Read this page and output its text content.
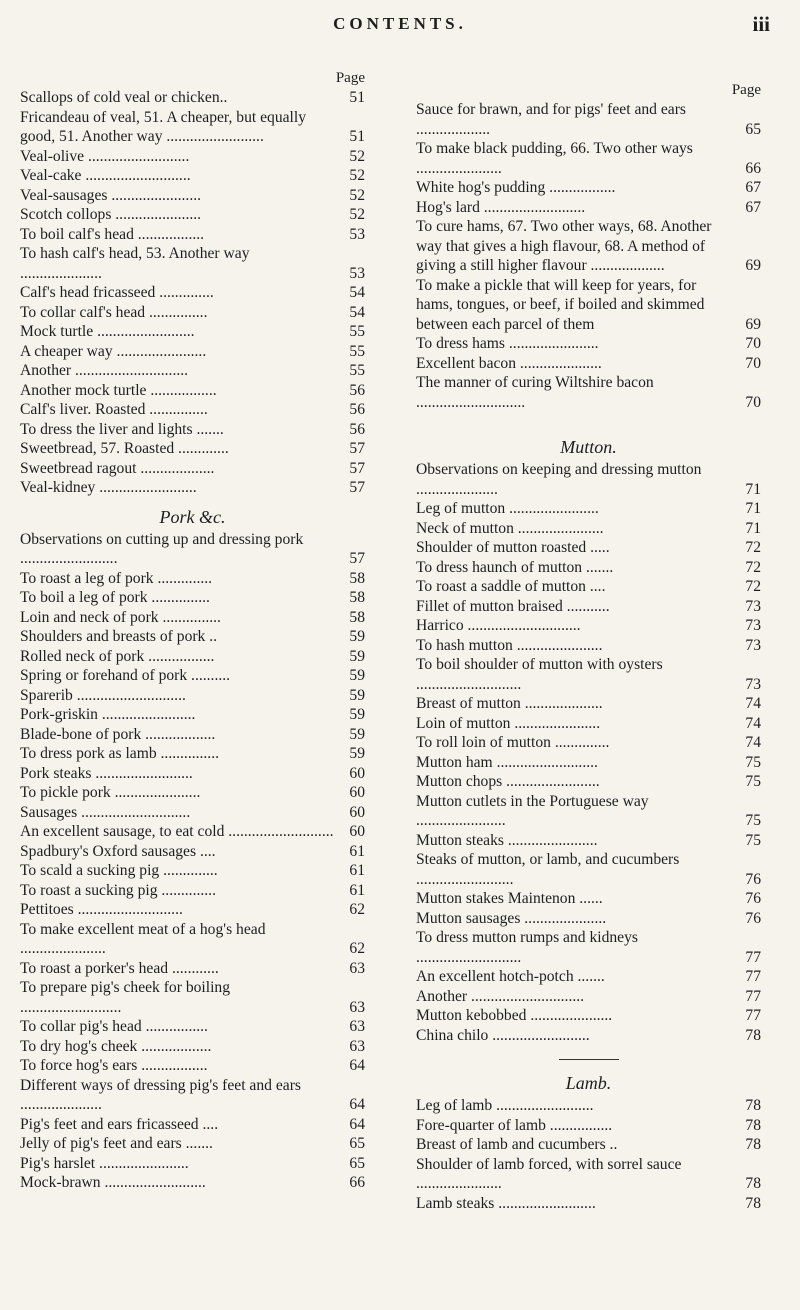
CONTENTS.	iii
Page
Scallops of cold veal or chicken..	51
Fricandeau of veal, 51. A cheaper, but equally good, 51. Another way .........................	51
Veal-olive ..........................	52
Veal-cake ...........................	52
Veal-sausages .......................	52
Scotch collops ......................	52
To boil calf's head .................	53
To hash calf's head, 53. Another way .....................	53
Calf's head fricasseed ..............	54
To collar calf's head ...............	54
Mock turtle .........................	55
A cheaper way .......................	55
Another .............................	55
Another mock turtle .................	56
Calf's liver. Roasted ...............	56
To dress the liver and lights .......	56
Sweetbread, 57. Roasted .............	57
Sweetbread ragout ...................	57
Veal-kidney .........................	57
Pork &c.
Observations on cutting up and dressing pork .........................	57
To roast a leg of pork ..............	58
To boil a leg of pork ...............	58
Loin and neck of pork ...............	58
Shoulders and breasts of pork ..	59
Rolled neck of pork .................	59
Spring or forehand of pork ..........	59
Sparerib ............................	59
Pork-griskin ........................	59
Blade-bone of pork ..................	59
To dress pork as lamb ...............	59
Pork steaks .........................	60
To pickle pork ......................	60
Sausages ............................	60
An excellent sausage, to eat cold ...........................	60
Spadbury's Oxford sausages ....	61
To scald a sucking pig ..............	61
To roast a sucking pig ..............	61
Pettitoes ...........................	62
To make excellent meat of a hog's head ......................	62
To roast a porker's head ............	63
To prepare pig's cheek for boiling ..........................	63
To collar pig's head ................	63
To dry hog's cheek ..................	63
To force hog's ears .................	64
Different ways of dressing pig's feet and ears .....................	64
Pig's feet and ears fricasseed ....	64
Jelly of pig's feet and ears .......	65
Pig's harslet .......................	65
Mock-brawn ..........................	66
Page
Sauce for brawn, and for pigs' feet and ears ...................	65
To make black pudding, 66. Two other ways ......................	66
White hog's pudding .................	67
Hog's lard ..........................	67
To cure hams, 67. Two other ways, 68. Another way that gives a high flavour, 68. A method of giving a still higher flavour ...................	69
To make a pickle that will keep for years, for hams, tongues, or beef, if boiled and skimmed between each parcel of them	69
To dress hams .......................	70
Excellent bacon .....................	70
The manner of curing Wiltshire bacon ............................	70
Mutton.
Observations on keeping and dressing mutton .....................	71
Leg of mutton .......................	71
Neck of mutton ......................	71
Shoulder of mutton roasted .....	72
To dress haunch of mutton .......	72
To roast a saddle of mutton ....	72
Fillet of mutton braised ...........	73
Harrico .............................	73
To hash mutton ......................	73
To boil shoulder of mutton with oysters ...........................	73
Breast of mutton ....................	74
Loin of mutton ......................	74
To roll loin of mutton ..............	74
Mutton ham ..........................	75
Mutton chops ........................	75
Mutton cutlets in the Portuguese way .......................	75
Mutton steaks .......................	75
Steaks of mutton, or lamb, and cucumbers .........................	76
Mutton stakes Maintenon ......	76
Mutton sausages .....................	76
To dress mutton rumps and kidneys ...........................	77
An excellent hotch-potch .......	77
Another .............................	77
Mutton kebobbed .....................	77
China chilo .........................	78
Lamb.
Leg of lamb .........................	78
Fore-quarter of lamb ................	78
Breast of lamb and cucumbers ..	78
Shoulder of lamb forced, with sorrel sauce ......................	78
Lamb steaks .........................	78
